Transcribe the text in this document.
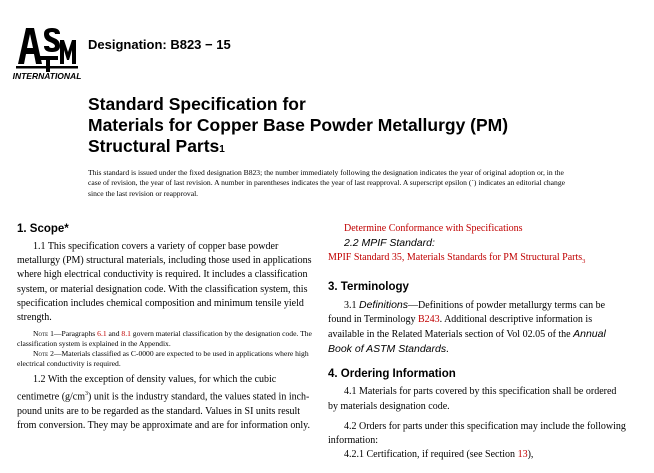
INTERNATIONAL
Designation: B823 − 15
Standard Specification for
Materials for Copper Base Powder Metallurgy (PM)
Structural Parts1
This standard is issued under the fixed designation B823; the number immediately following the designation indicates the year of original adoption or, in the case of revision, the year of last revision. A number in parentheses indicates the year of last reapproval. A superscript epsilon (´) indicates an editorial change since the last revision or reapproval.
1. Scope*

1.1 This specification covers a variety of copper base powder metallurgy (PM) structural materials, including those used in applications where high electrical conductivity is required. It includes a classification system, or material designation code. With the classification system, this specification includes chemical composition and minimum tensile yield strength.

Note 1—Paragraphs 6.1 and 8.1 govern material classification by the designation code. The classification system is explained in the Appendix.

Note 2—Materials classified as C-0000 are expected to be used in applications where high electrical conductivity is required.

1.2 With the exception of density values, for which the cubic centimetre $(g/cm^3)$ unit is the industry standard, the values stated in inch-pound units are to be regarded as the standard. Values in SI units result from conversion. They may be approximate and are for information only.

Determine Conformance with Specifications

2.2 MPIF Standard:

MPIF Standard 35, Materials Standards for PM Structural Parts$_3$

3. Terminology

3.1 Definitions—Definitions of powder metallurgy terms can be found in Terminology B243. Additional descriptive information is available in the Related Materials section of Vol 02.05 of the Annual Book of ASTM Standards.

4. Ordering Information

4.1 Materials for parts covered by this specification shall be ordered by materials designation code.

4.2 Orders for parts under this specification may include the following information:

4.2.1 Certification, if required (see Section 13),
